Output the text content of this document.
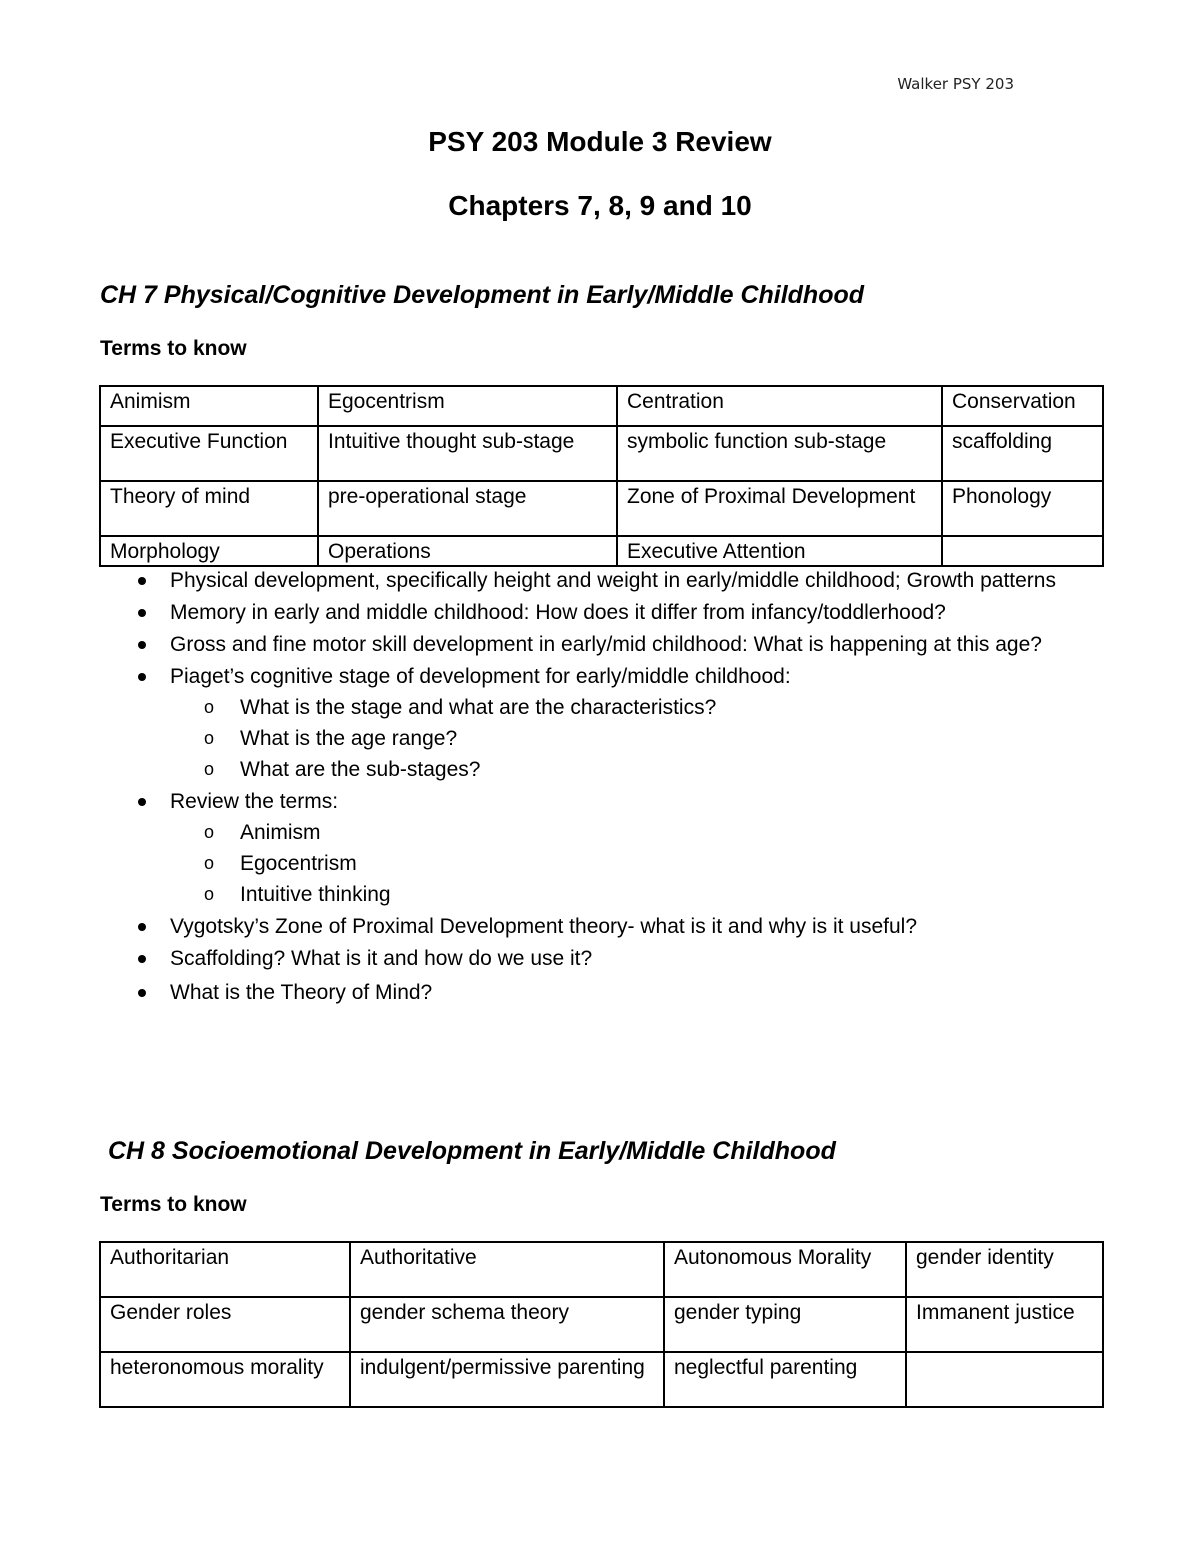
Walker PSY 203
PSY 203 Module 3 Review
Chapters 7, 8, 9 and 10
CH 7 Physical/Cognitive Development in Early/Middle Childhood
Terms to know
Animism	Egocentrism	Centration	Conservation
Executive Function	Intuitive thought sub-stage	symbolic function sub-stage	scaffolding
Theory of mind	pre-operational stage	Zone of Proximal Development	Phonology
Morphology	Operations	Executive Attention	
Physical development, specifically height and weight in early/middle childhood; Growth patterns
Memory in early and middle childhood: How does it differ from infancy/toddlerhood?
Gross and fine motor skill development in early/mid childhood: What is happening at this age?
Piaget’s cognitive stage of development for early/middle childhood:
o What is the stage and what are the characteristics?
o What is the age range?
o What are the sub-stages?
Review the terms:
o Animism
o Egocentrism
o Intuitive thinking
Vygotsky’s Zone of Proximal Development theory- what is it and why is it useful?
Scaffolding? What is it and how do we use it?
What is the Theory of Mind?
CH 8 Socioemotional Development in Early/Middle Childhood
Terms to know
Authoritarian	Authoritative	Autonomous Morality	gender identity
Gender roles	gender schema theory	gender typing	Immanent justice
heteronomous morality	indulgent/permissive parenting	neglectful parenting	
